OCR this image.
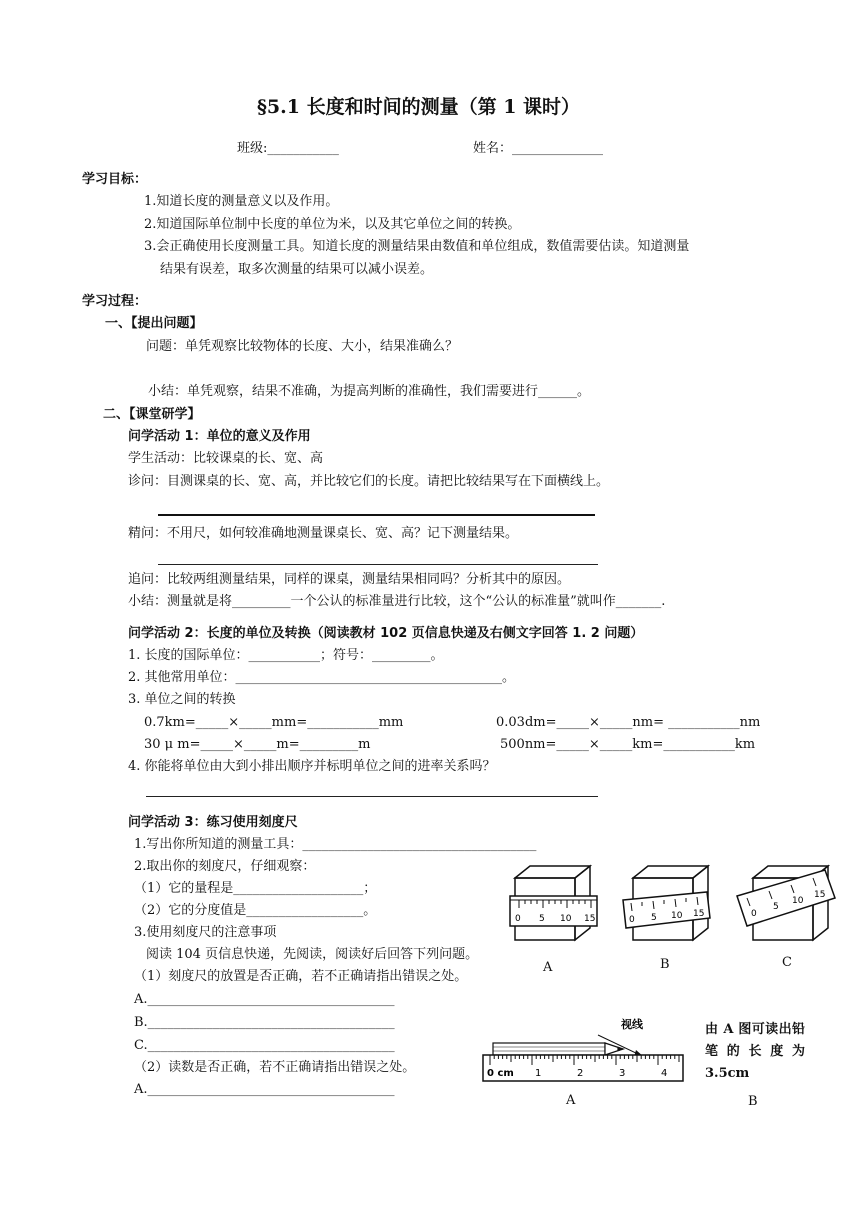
§5.1 长度和时间的测量（第 1 课时）
班级:___________	姓名：______________
学习目标：
1.知道长度的测量意义以及作用。
2.知道国际单位制中长度的单位为米，以及其它单位之间的转换。
3.会正确使用长度测量工具。知道长度的测量结果由数值和单位组成，数值需要估读。知道测量
结果有误差，取多次测量的结果可以减小误差。
学习过程：
一、【提出问题】
问题：单凭观察比较物体的长度、大小，结果准确么？
小结：单凭观察，结果不准确，为提高判断的准确性，我们需要进行______。
二、【课堂研学】
问学活动 1：单位的意义及作用
学生活动：比较课桌的长、宽、高
诊问：目测课桌的长、宽、高，并比较它们的长度。请把比较结果写在下面横线上。
精问：不用尺，如何较准确地测量课桌长、宽、高？记下测量结果。
追问：比较两组测量结果，同样的课桌，测量结果相同吗？分析其中的原因。
小结：测量就是将_________一个公认的标准量进行比较，这个“公认的标准量”就叫作_______.
问学活动 2：长度的单位及转换（阅读教材 102 页信息快递及右侧文字回答 1. 2 问题）
1. 长度的国际单位：___________；符号：_________。
2. 其他常用单位：_________________________________________。
3. 单位之间的转换
0.7km=_____×_____mm=___________mm	0.03dm=_____×_____nm= ___________nm
30 μ m=_____×_____m=_________m	500nm=_____×_____km=___________km
4. 你能将单位由大到小排出顺序并标明单位之间的进率关系吗？
问学活动 3：练习使用刻度尺
1.写出你所知道的测量工具：____________________________________
2.取出你的刻度尺，仔细观察：
（1）它的量程是____________________；
（2）它的分度值是__________________。
3.使用刻度尺的注意事项
阅读 104 页信息快递，先阅读，阅读好后回答下列问题。
（1）刻度尺的放置是否正确，若不正确请指出错误之处。
A.______________________________________
B.______________________________________
C.______________________________________
（2）读数是否正确，若不正确请指出错误之处。
A.______________________________________
0 5 10 15	0 5 10 15	0
5
10
15
A	B	C
视线
0 cm 1	2	3	4
A	B
由 A 图可读出铅笔的长度为 3.5cm
